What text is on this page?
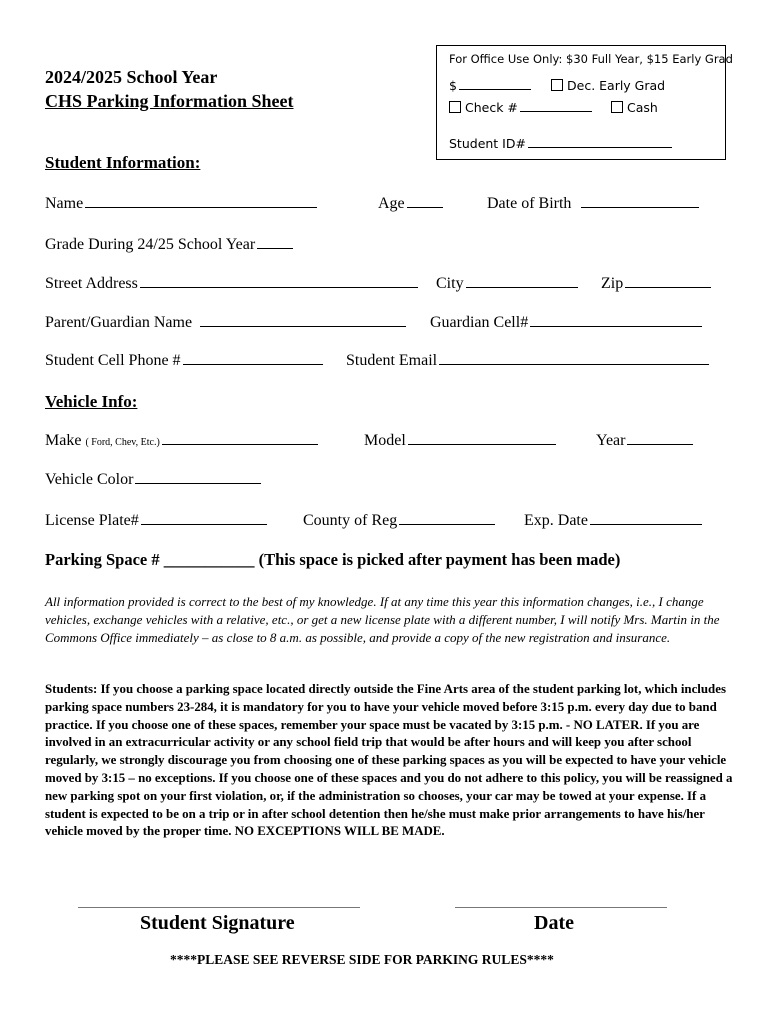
For Office Use Only: $30 Full Year, $15 Early Grad
$	Dec. Early Grad
Check #	Cash
Student ID#
2024/2025 School Year
CHS Parking Information Sheet
Student Information:
Name	Age	Date of Birth
Grade During 24/25 School Year
Street Address	City	Zip
Parent/Guardian Name	Guardian Cell#
Student Cell Phone #	Student Email
Vehicle Info:
Make ( Ford, Chev, Etc.)	Model	Year
Vehicle Color
License Plate#	County of Reg	Exp. Date
Parking Space # ___________ (This space is picked after payment has been made)
All information provided is correct to the best of my knowledge. If at any time this year this information changes, i.e., I change vehicles, exchange vehicles with a relative, etc., or get a new license plate with a different number, I will notify Mrs. Martin in the Commons Office immediately – as close to 8 a.m. as possible, and provide a copy of the new registration and insurance.
Students: If you choose a parking space located directly outside the Fine Arts area of the student parking lot, which includes parking space numbers 23-284, it is mandatory for you to have your vehicle moved before 3:15 p.m. every day due to band practice. If you choose one of these spaces, remember your space must be vacated by 3:15 p.m. - NO LATER. If you are involved in an extracurricular activity or any school field trip that would be after hours and will keep you after school regularly, we strongly discourage you from choosing one of these parking spaces as you will be expected to have your vehicle moved by 3:15 – no exceptions. If you choose one of these spaces and you do not adhere to this policy, you will be reassigned a new parking spot on your first violation, or, if the administration so chooses, your car may be towed at your expense. If a student is expected to be on a trip or in after school detention then he/she must make prior arrangements to have his/her vehicle moved by the proper time. NO EXCEPTIONS WILL BE MADE.
Student Signature	Date
****PLEASE SEE REVERSE SIDE FOR PARKING RULES****
